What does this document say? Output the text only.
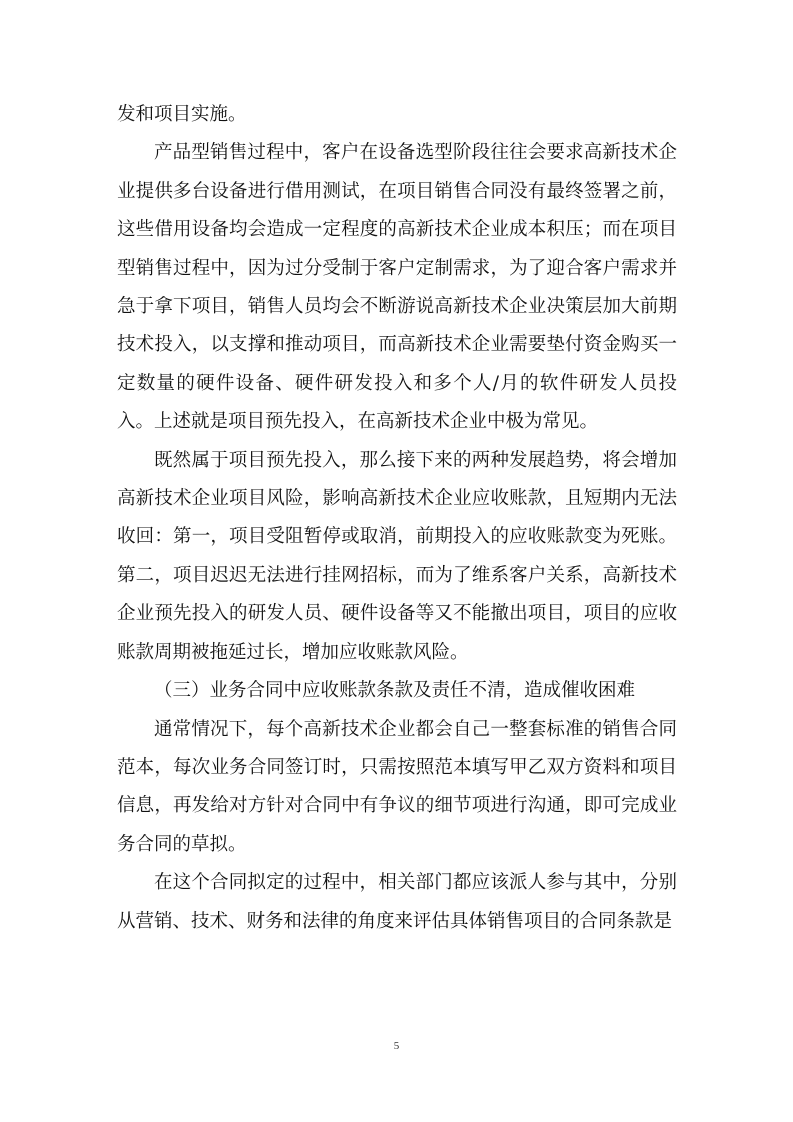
发和项目实施。

产品型销售过程中，客户在设备选型阶段往往会要求高新技术企业提供多台设备进行借用测试，在项目销售合同没有最终签署之前，这些借用设备均会造成一定程度的高新技术企业成本积压；而在项目型销售过程中，因为过分受制于客户定制需求，为了迎合客户需求并急于拿下项目，销售人员均会不断游说高新技术企业决策层加大前期技术投入，以支撑和推动项目，而高新技术企业需要垫付资金购买一定数量的硬件设备、硬件研发投入和多个人/月的软件研发人员投入。上述就是项目预先投入，在高新技术企业中极为常见。

既然属于项目预先投入，那么接下来的两种发展趋势，将会增加高新技术企业项目风险，影响高新技术企业应收账款，且短期内无法收回：第一，项目受阻暂停或取消，前期投入的应收账款变为死账。第二，项目迟迟无法进行挂网招标，而为了维系客户关系，高新技术企业预先投入的研发人员、硬件设备等又不能撤出项目，项目的应收账款周期被拖延过长，增加应收账款风险。

（三）业务合同中应收账款条款及责任不清，造成催收困难

通常情况下，每个高新技术企业都会自己一整套标准的销售合同范本，每次业务合同签订时，只需按照范本填写甲乙双方资料和项目信息，再发给对方针对合同中有争议的细节项进行沟通，即可完成业务合同的草拟。

在这个合同拟定的过程中，相关部门都应该派人参与其中，分别从营销、技术、财务和法律的角度来评估具体销售项目的合同条款是

5
